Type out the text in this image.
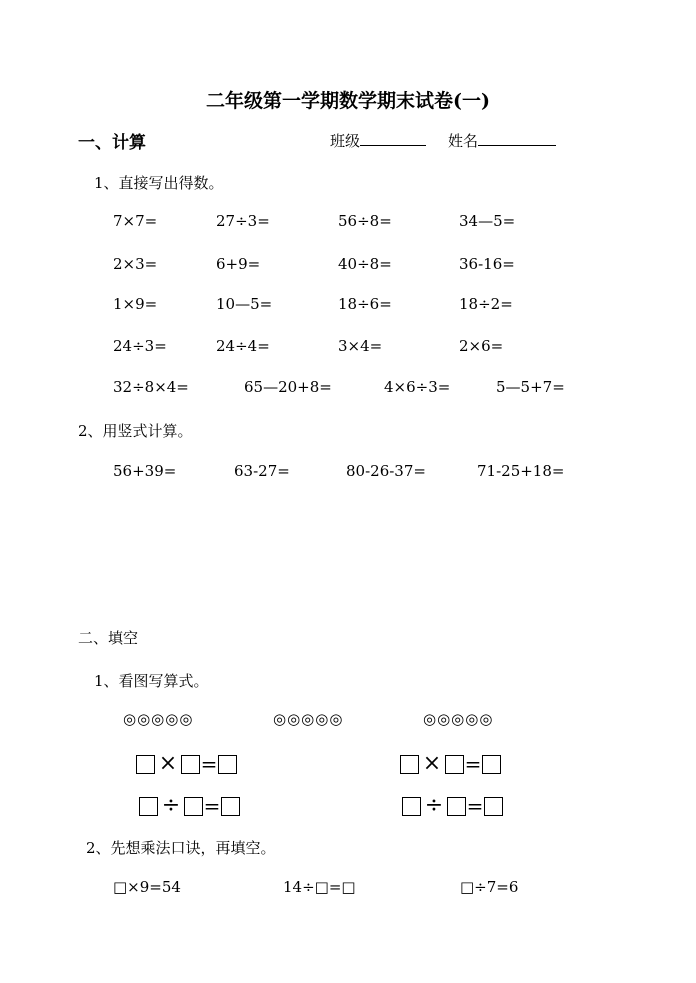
二年级第一学期数学期末试卷(一)
一、计算	班级	姓名
1、直接写出得数。
7×7=	27÷3=	56÷8=	34—5=
2×3=	6+9=	40÷8=	36-16=
1×9=	10—5=	18÷6=	18÷2=
24÷3=	24÷4=	3×4=	2×6=
32÷8×4=	65—20+8=	4×6÷3=	5—5+7=
2、用竖式计算。
56+39=	63-27=	80-26-37=	71-25+18=
二、填空
1、看图写算式。
◎◎◎◎◎	◎◎◎◎◎	◎◎◎◎◎
× =	× =
÷ =	÷ =
2、先想乘法口诀，再填空。
□×9=54	14÷□=□	□÷7=6
